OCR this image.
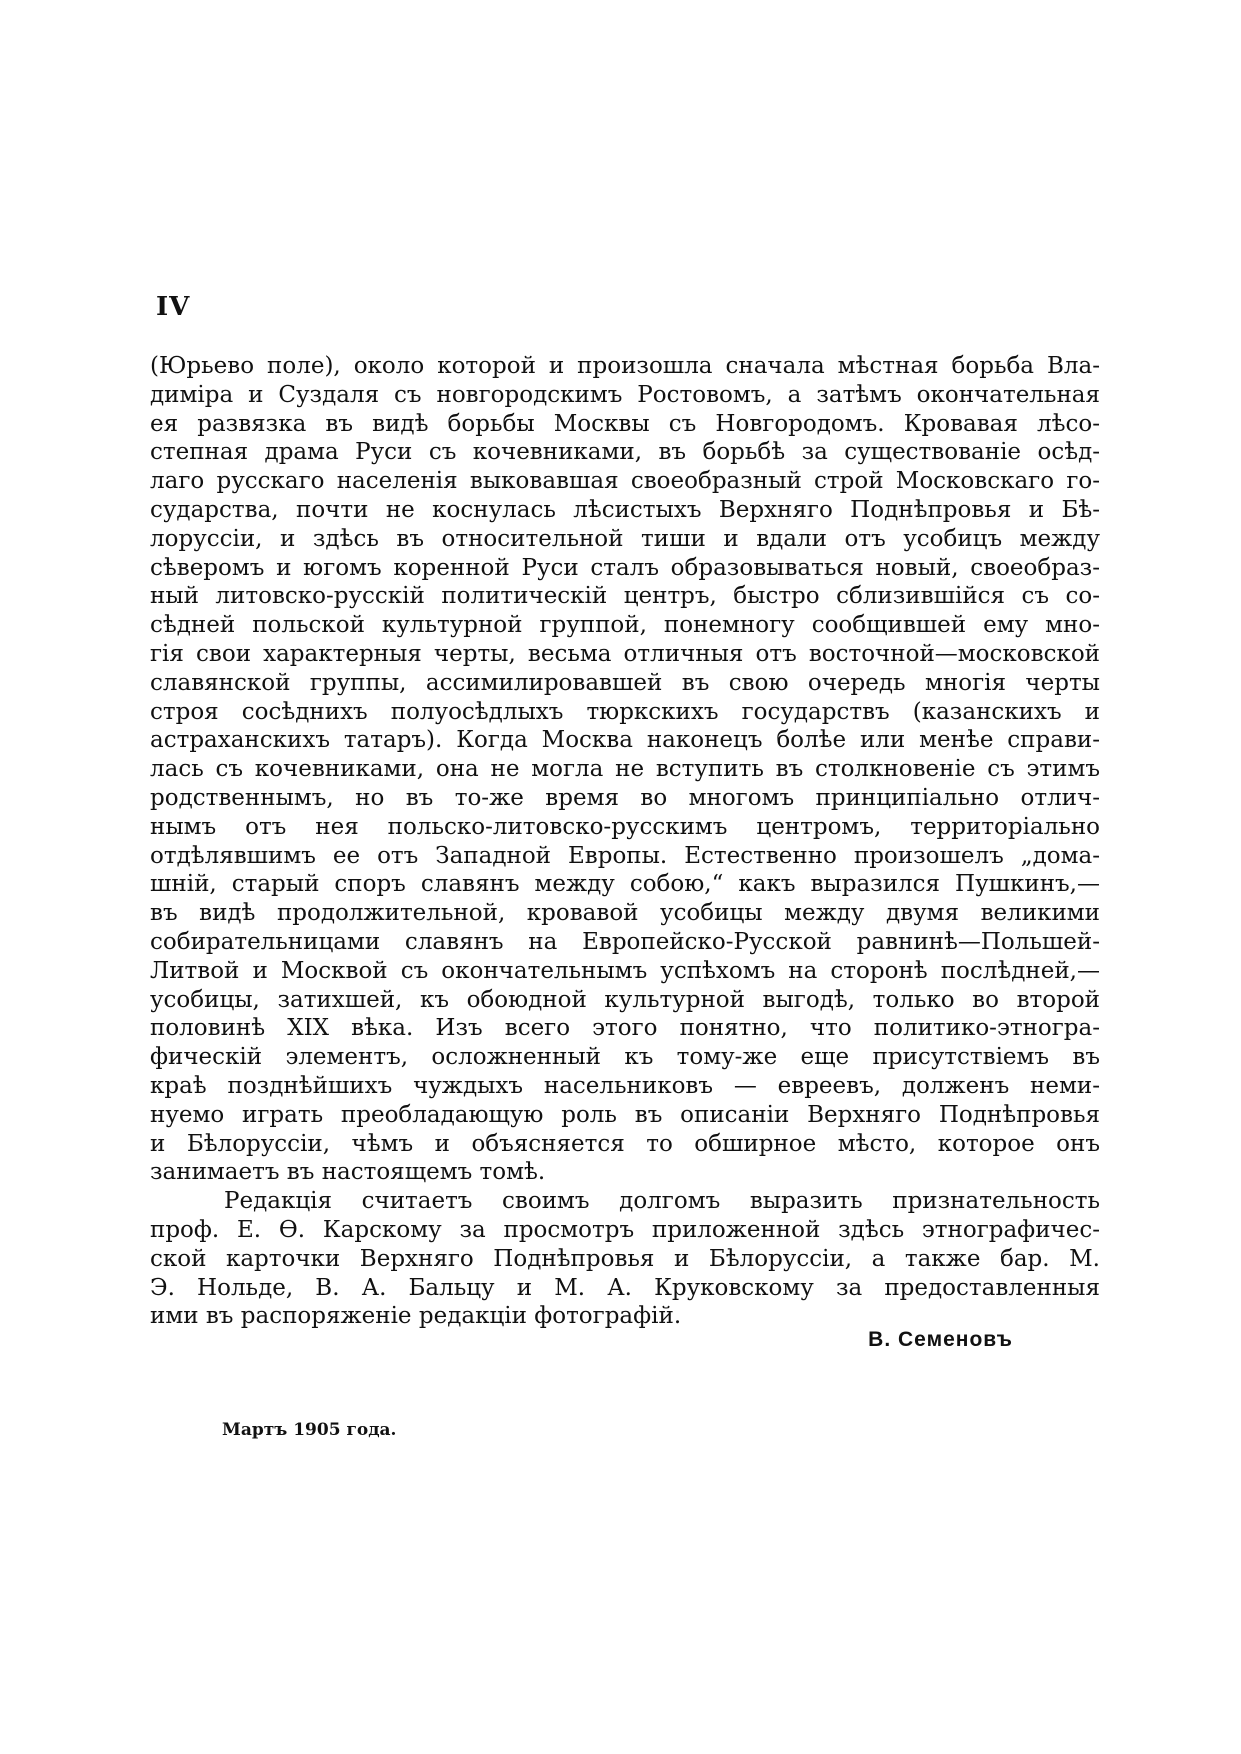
IV
(Юрьево поле), около которой и произошла сначала мѣстная борьба Вла-
диміра и Суздаля съ новгородскимъ Ростовомъ, а затѣмъ окончательная
ея развязка въ видѣ борьбы Москвы съ Новгородомъ. Кровавая лѣсо-
степная драма Руси съ кочевниками, въ борьбѣ за существованіе осѣд-
лаго русскаго населенія выковавшая своеобразный строй Московскаго го-
сударства, почти не коснулась лѣсистыхъ Верхняго Поднѣпровья и Бѣ-
лоруссіи, и здѣсь въ относительной тиши и вдали отъ усобицъ между
сѣверомъ и югомъ коренной Руси сталъ образовываться новый, своеобраз-
ный литовско-русскій политическій центръ, быстро сблизившійся съ со-
сѣдней польской культурной группой, понемногу сообщившей ему мно-
гія свои характерныя черты, весьма отличныя отъ восточной—московской
славянской группы, ассимилировавшей въ свою очередь многія черты
строя сосѣднихъ полуосѣдлыхъ тюркскихъ государствъ (казанскихъ и
астраханскихъ татаръ). Когда Москва наконецъ болѣе или менѣе справи-
лась съ кочевниками, она не могла не вступить въ столкновеніе съ этимъ
родственнымъ, но въ то-же время во многомъ принципіально отлич-
нымъ отъ нея польско-литовско-русскимъ центромъ, территоріально
отдѣлявшимъ ее отъ Западной Европы. Естественно произошелъ „дома-
шній, старый споръ славянъ между собою,“ какъ выразился Пушкинъ,—
въ видѣ продолжительной, кровавой усобицы между двумя великими
собирательницами славянъ на Европейско-Русской равнинѣ—Польшей-
Литвой и Москвой съ окончательнымъ успѣхомъ на сторонѣ послѣдней,—
усобицы, затихшей, къ обоюдной культурной выгодѣ, только во второй
половинѣ XIX вѣка. Изъ всего этого понятно, что политико-этногра-
фическій элементъ, осложненный къ тому-же еще присутствіемъ въ
краѣ позднѣйшихъ чуждыхъ насельниковъ — евреевъ, долженъ неми-
нуемо играть преобладающую роль въ описаніи Верхняго Поднѣпровья
и Бѣлоруссіи, чѣмъ и объясняется то обширное мѣсто, которое онъ
занимаетъ въ настоящемъ томѣ.
Редакція считаетъ своимъ долгомъ выразить признательность
проф. Е. Ѳ. Карскому за просмотръ приложенной здѣсь этнографичес-
ской карточки Верхняго Поднѣпровья и Бѣлоруссіи, а также бар. М.
Э. Нольде, В. А. Бальцу и М. А. Круковскому за предоставленныя
ими въ распоряженіе редакціи фотографій.
В. Семеновъ
Мартъ 1905 года.
